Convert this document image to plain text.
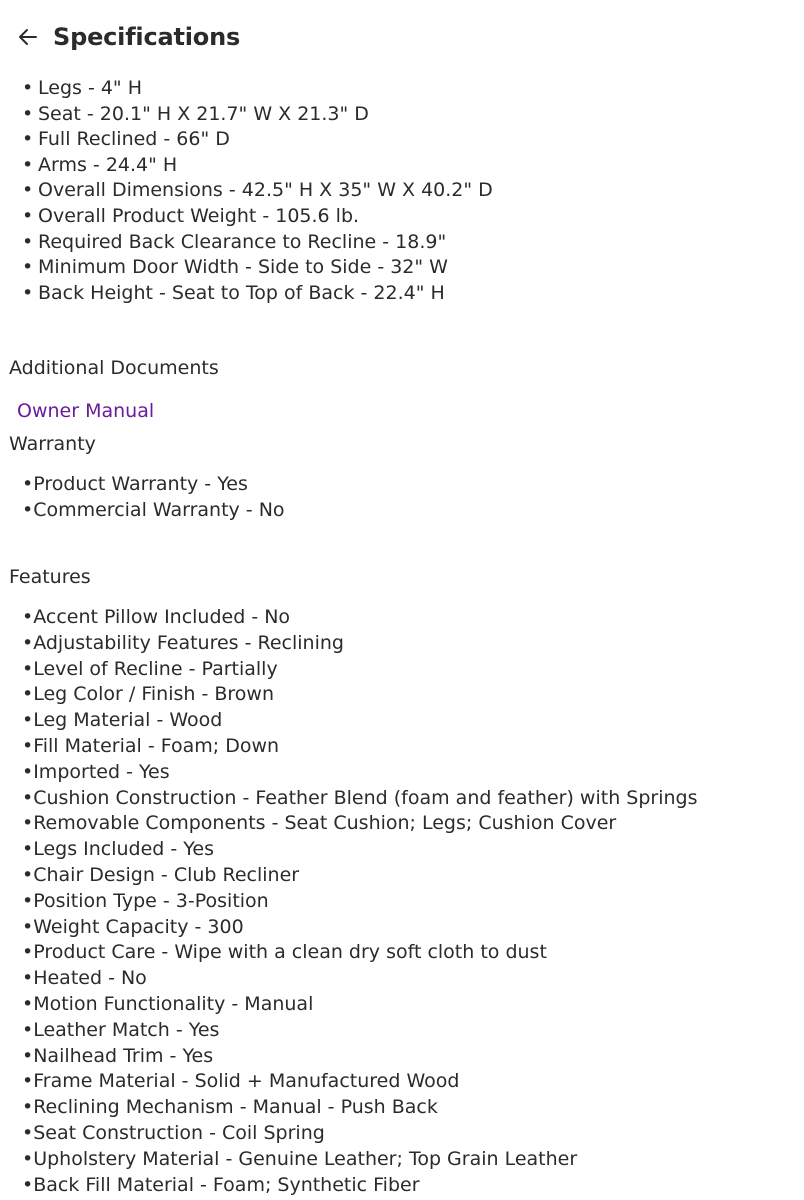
Specifications
• Legs - 4" H
• Seat - 20.1" H X 21.7" W X 21.3" D
• Full Reclined - 66" D
• Arms - 24.4" H
• Overall Dimensions - 42.5" H X 35" W X 40.2" D
• Overall Product Weight - 105.6 lb.
• Required Back Clearance to Recline - 18.9"
• Minimum Door Width - Side to Side - 32" W
• Back Height - Seat to Top of Back - 22.4" H
Additional Documents
Owner Manual
Warranty
•Product Warranty - Yes
•Commercial Warranty - No
Features
•Accent Pillow Included - No
•Adjustability Features - Reclining
•Level of Recline - Partially
•Leg Color / Finish - Brown
•Leg Material - Wood
•Fill Material - Foam; Down
•Imported - Yes
•Cushion Construction - Feather Blend (foam and feather) with Springs
•Removable Components - Seat Cushion; Legs; Cushion Cover
•Legs Included - Yes
•Chair Design - Club Recliner
•Position Type - 3-Position
•Weight Capacity - 300
•Product Care - Wipe with a clean dry soft cloth to dust
•Heated - No
•Motion Functionality - Manual
•Leather Match - Yes
•Nailhead Trim - Yes
•Frame Material - Solid + Manufactured Wood
•Reclining Mechanism - Manual - Push Back
•Seat Construction - Coil Spring
•Upholstery Material - Genuine Leather; Top Grain Leather
•Back Fill Material - Foam; Synthetic Fiber
